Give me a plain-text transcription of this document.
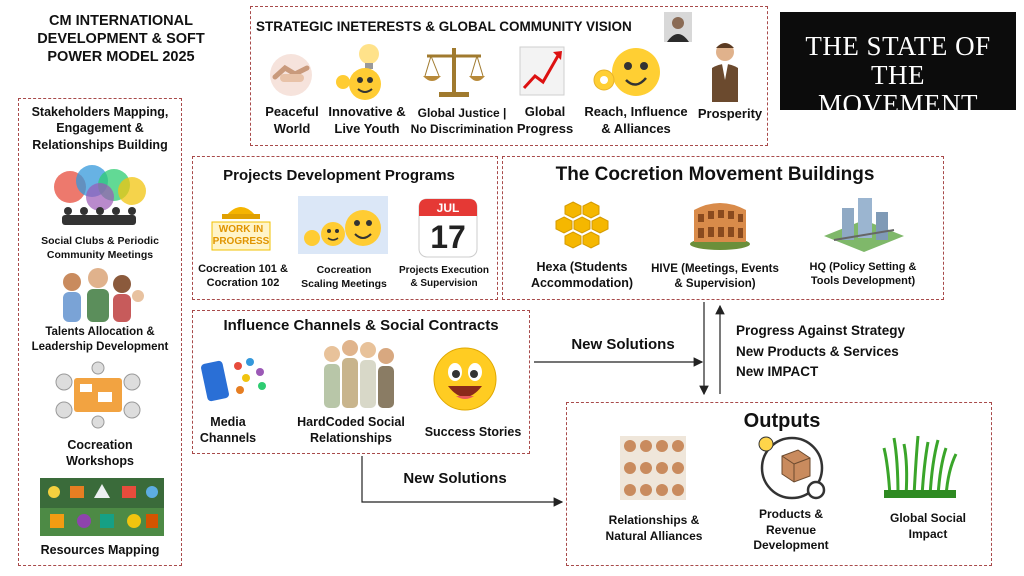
CM INTERNATIONAL DEVELOPMENT & SOFT POWER MODEL 2025	THE STATE OF THE MOVEMENT
STRATEGIC INETERESTS & GLOBAL COMMUNITY VISION
Peaceful World
Innovative & Live Youth
Global Justice | No Discrimination
Global Progress
Reach, Influence & Alliances
Prosperity
Stakeholders Mapping, Engagement & Relationships Building
Social Clubs & Periodic Community Meetings
Talents Allocation & Leadership Development
Cocreation Workshops
Resources Mapping
Projects Development Programs
WORK IN
PROGRESS
JUL
17
Cocreation 101 & Cocration 102
Cocreation Scaling Meetings
Projects Execution & Supervision
The Cocretion Movement Buildings
Hexa (Students Accommodation)
HIVE (Meetings, Events & Supervision)
HQ (Policy Setting & Tools Development)
Influence Channels & Social Contracts
Media Channels
HardCoded Social Relationships	Success Stories	Outputs
Relationships & Natural Alliances
Products & Revenue Development
Global Social Impact
New Solutions
New Solutions
Progress Against Strategy
New Products & Services
New IMPACT
